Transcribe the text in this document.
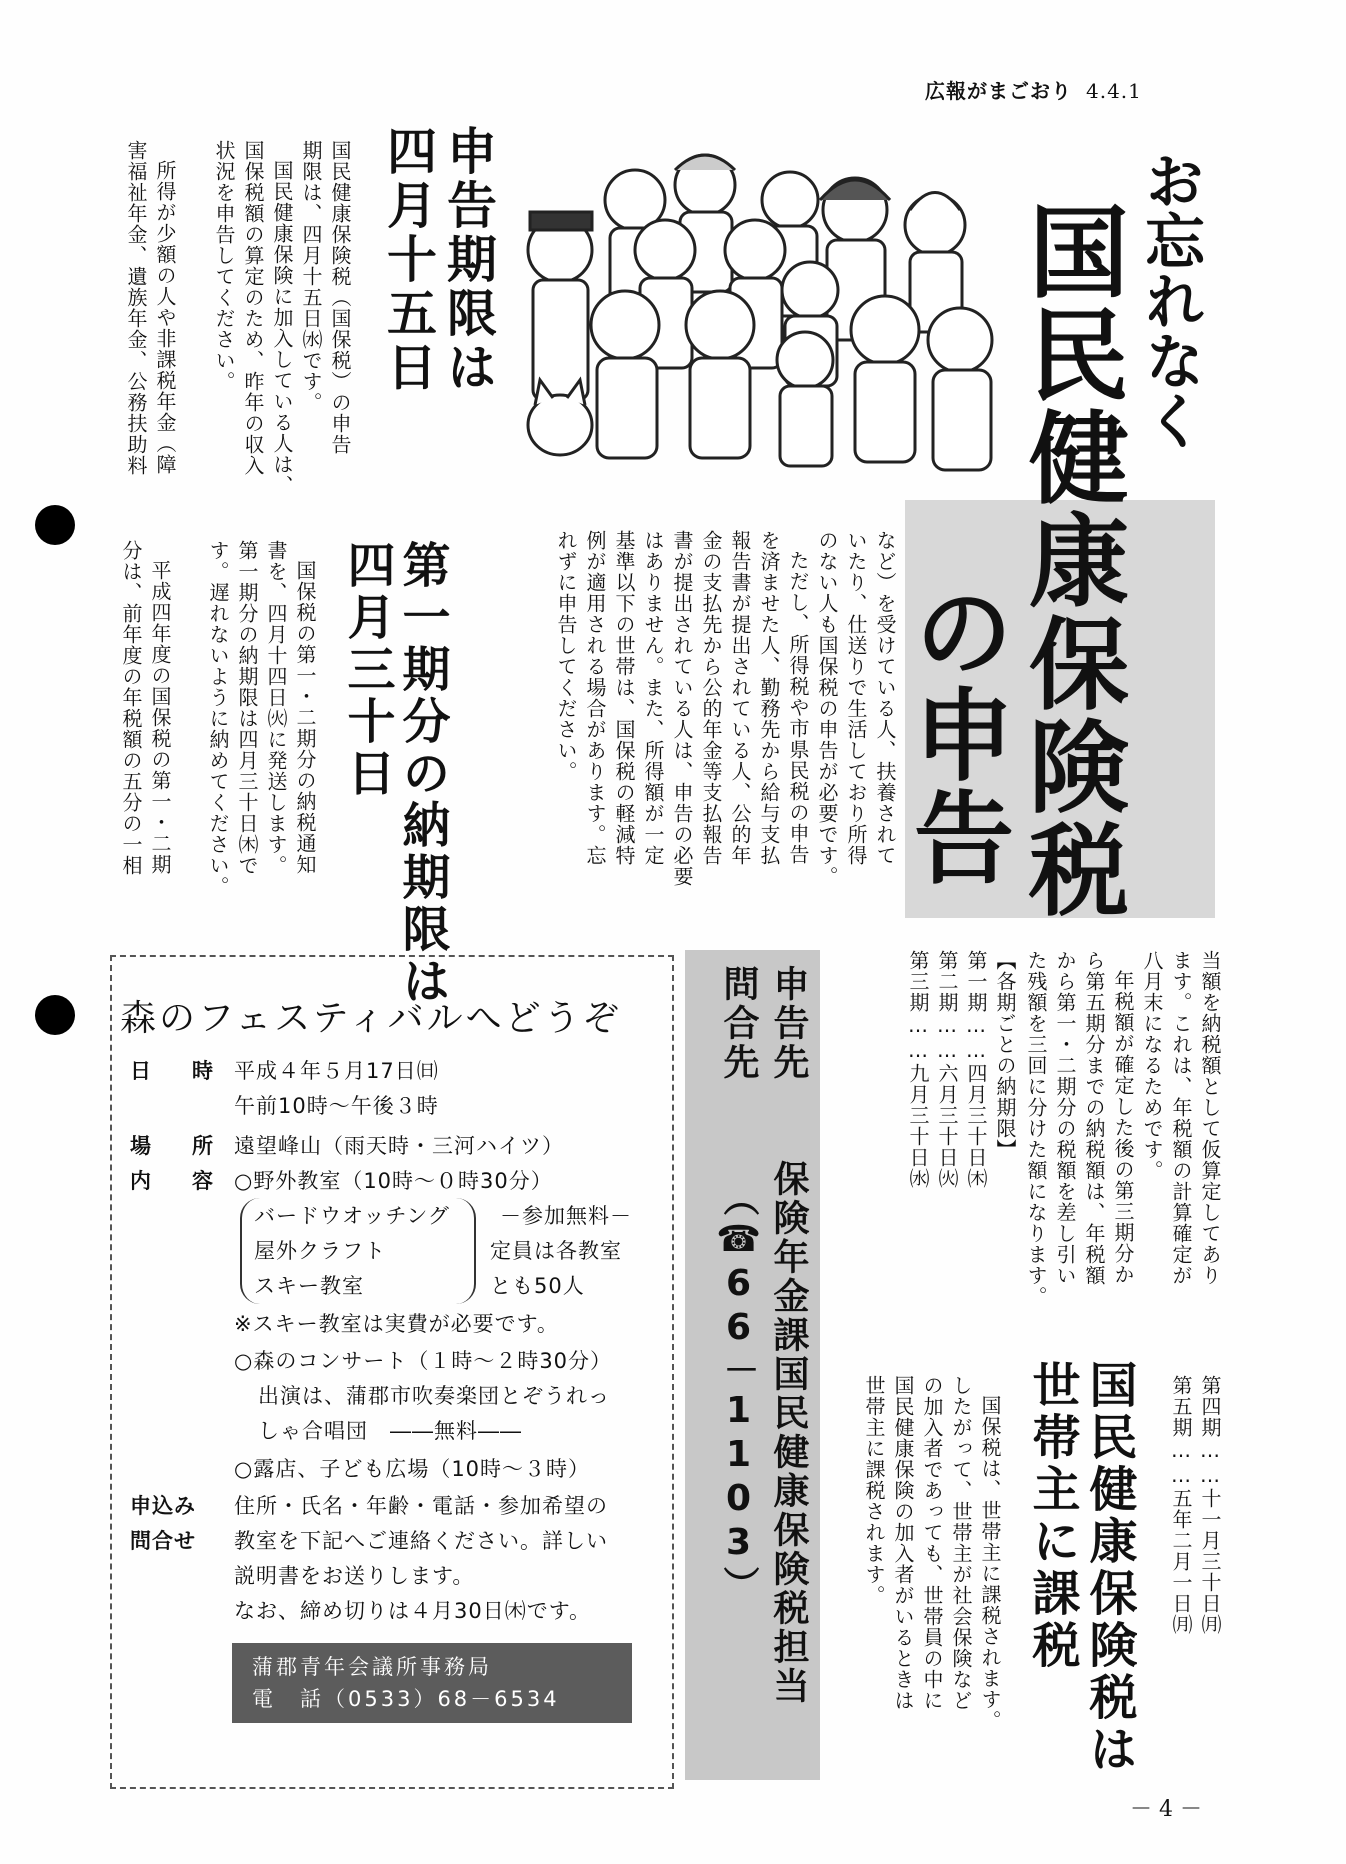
広報がまごおり 4.4.1
お忘れなく
国民健康保険税
の申告
申告期限は
四月十五日
国民健康保険税（国保税）の申告
期限は、四月十五日㈬です。
国民健康保険に加入している人は、
国保税額の算定のため、昨年の収入
状況を申告してください。
所得が少額の人や非課税年金（障
害福祉年金、遺族年金、公務扶助料
など）を受けている人、扶養されて
いたり、仕送りで生活しており所得
のない人も国保税の申告が必要です。
ただし、所得税や市県民税の申告
を済ませた人、勤務先から給与支払
報告書が提出されている人、公的年
金の支払先から公的年金等支払報告
書が提出されている人は、申告の必要
はありません。また、所得額が一定
基準以下の世帯は、国保税の軽減特
例が適用される場合があります。忘
れずに申告してください。
第一期分の納期限は
四月三十日
国保税の第一・二期分の納税通知
書を、四月十四日㈫に発送します。
第一期分の納期限は四月三十日㈭で
す。遅れないように納めてください。
平成四年度の国保税の第一・二期
分は、前年度の年税額の五分の一相
当額を納税額として仮算定してあり
ます。これは、年税額の計算確定が
八月末になるためです。
年税額が確定した後の第三期分か
ら第五期分までの納税額は、年税額
から第一・二期分の税額を差し引い
た残額を三回に分けた額になります。
【各期ごとの納期限】
第一期……四月三十日㈭
第二期……六月三十日㈫
第三期……九月三十日㈬
第四期……十一月三十日㈪
第五期……五年二月一日㈪
国民健康保険税は
世帯主に課税
国保税は、世帯主に課税されます。
したがって、世帯主が社会保険など
の加入者であっても、世帯員の中に
国民健康保険の加入者がいるときは
世帯主に課税されます。
申告先
問合先
保険年金課国民健康保険税担当
（☎66－1103）
森のフェスティバルへどうぞ
日　時 平成４年５月17日㈰
午前10時～午後３時
場　所 遠望峰山（雨天時・三河ハイツ）
内　容 ○野外教室（10時～０時30分）
バードウオッチング
屋外クラフト
スキー教室
－参加無料－
定員は各教室
とも50人
※スキー教室は実費が必要です。
○森のコンサート（１時～２時30分）
出演は、蒲郡市吹奏楽団とぞうれっ
しゃ合唱団　――無料――
○露店、子ども広場（10時～３時）
申込み
問合せ
住所・氏名・年齢・電話・参加希望の
教室を下記へご連絡ください。詳しい
説明書をお送りします。
なお、締め切りは４月30日㈭です。
蒲郡青年会議所事務局
電　話（0533）68－6534
－ 4 －
